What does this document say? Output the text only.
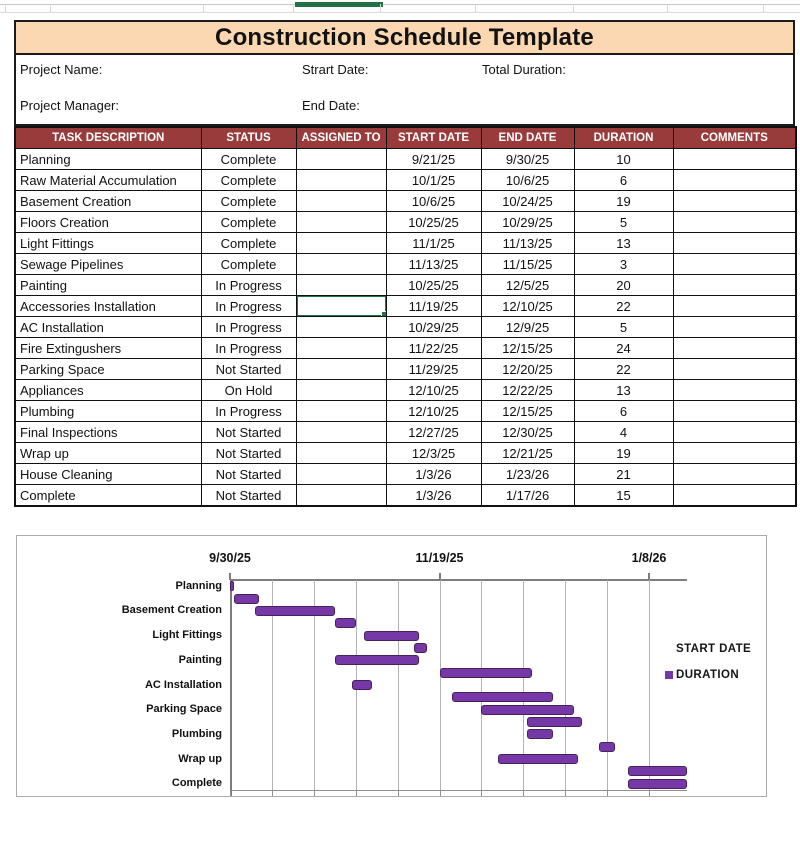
Construction Schedule Template
Project Name:	Strart Date:	Total Duration:
Project Manager:	End Date:
TASK DESCRIPTION	STATUS	ASSIGNED TO	START DATE	END DATE	DURATION	COMMENTS
Planning	Complete		9/21/25	9/30/25	10	
Raw Material Accumulation	Complete		10/1/25	10/6/25	6	
Basement Creation	Complete		10/6/25	10/24/25	19	
Floors Creation	Complete		10/25/25	10/29/25	5	
Light Fittings	Complete		11/1/25	11/13/25	13	
Sewage Pipelines	Complete		11/13/25	11/15/25	3	
Painting	In Progress		10/25/25	12/5/25	20	
Accessories Installation	In Progress		11/19/25	12/10/25	22	
AC Installation	In Progress		10/29/25	12/9/25	5	
Fire Extingushers	In Progress		11/22/25	12/15/25	24	
Parking Space	Not Started		11/29/25	12/20/25	22	
Appliances	On Hold		12/10/25	12/22/25	13	
Plumbing	In Progress		12/10/25	12/15/25	6	
Final Inspections	Not Started		12/27/25	12/30/25	4	
Wrap up	Not Started		12/3/25	12/21/25	19	
House Cleaning	Not Started		1/3/26	1/23/26	21	
Complete	Not Started		1/3/26	1/17/26	15	
START DATE
DURATION
9/30/25	11/19/25	1/8/26
Planning
Basement Creation
Light Fittings
Painting
AC Installation
Parking Space
Plumbing
Wrap up
Complete
